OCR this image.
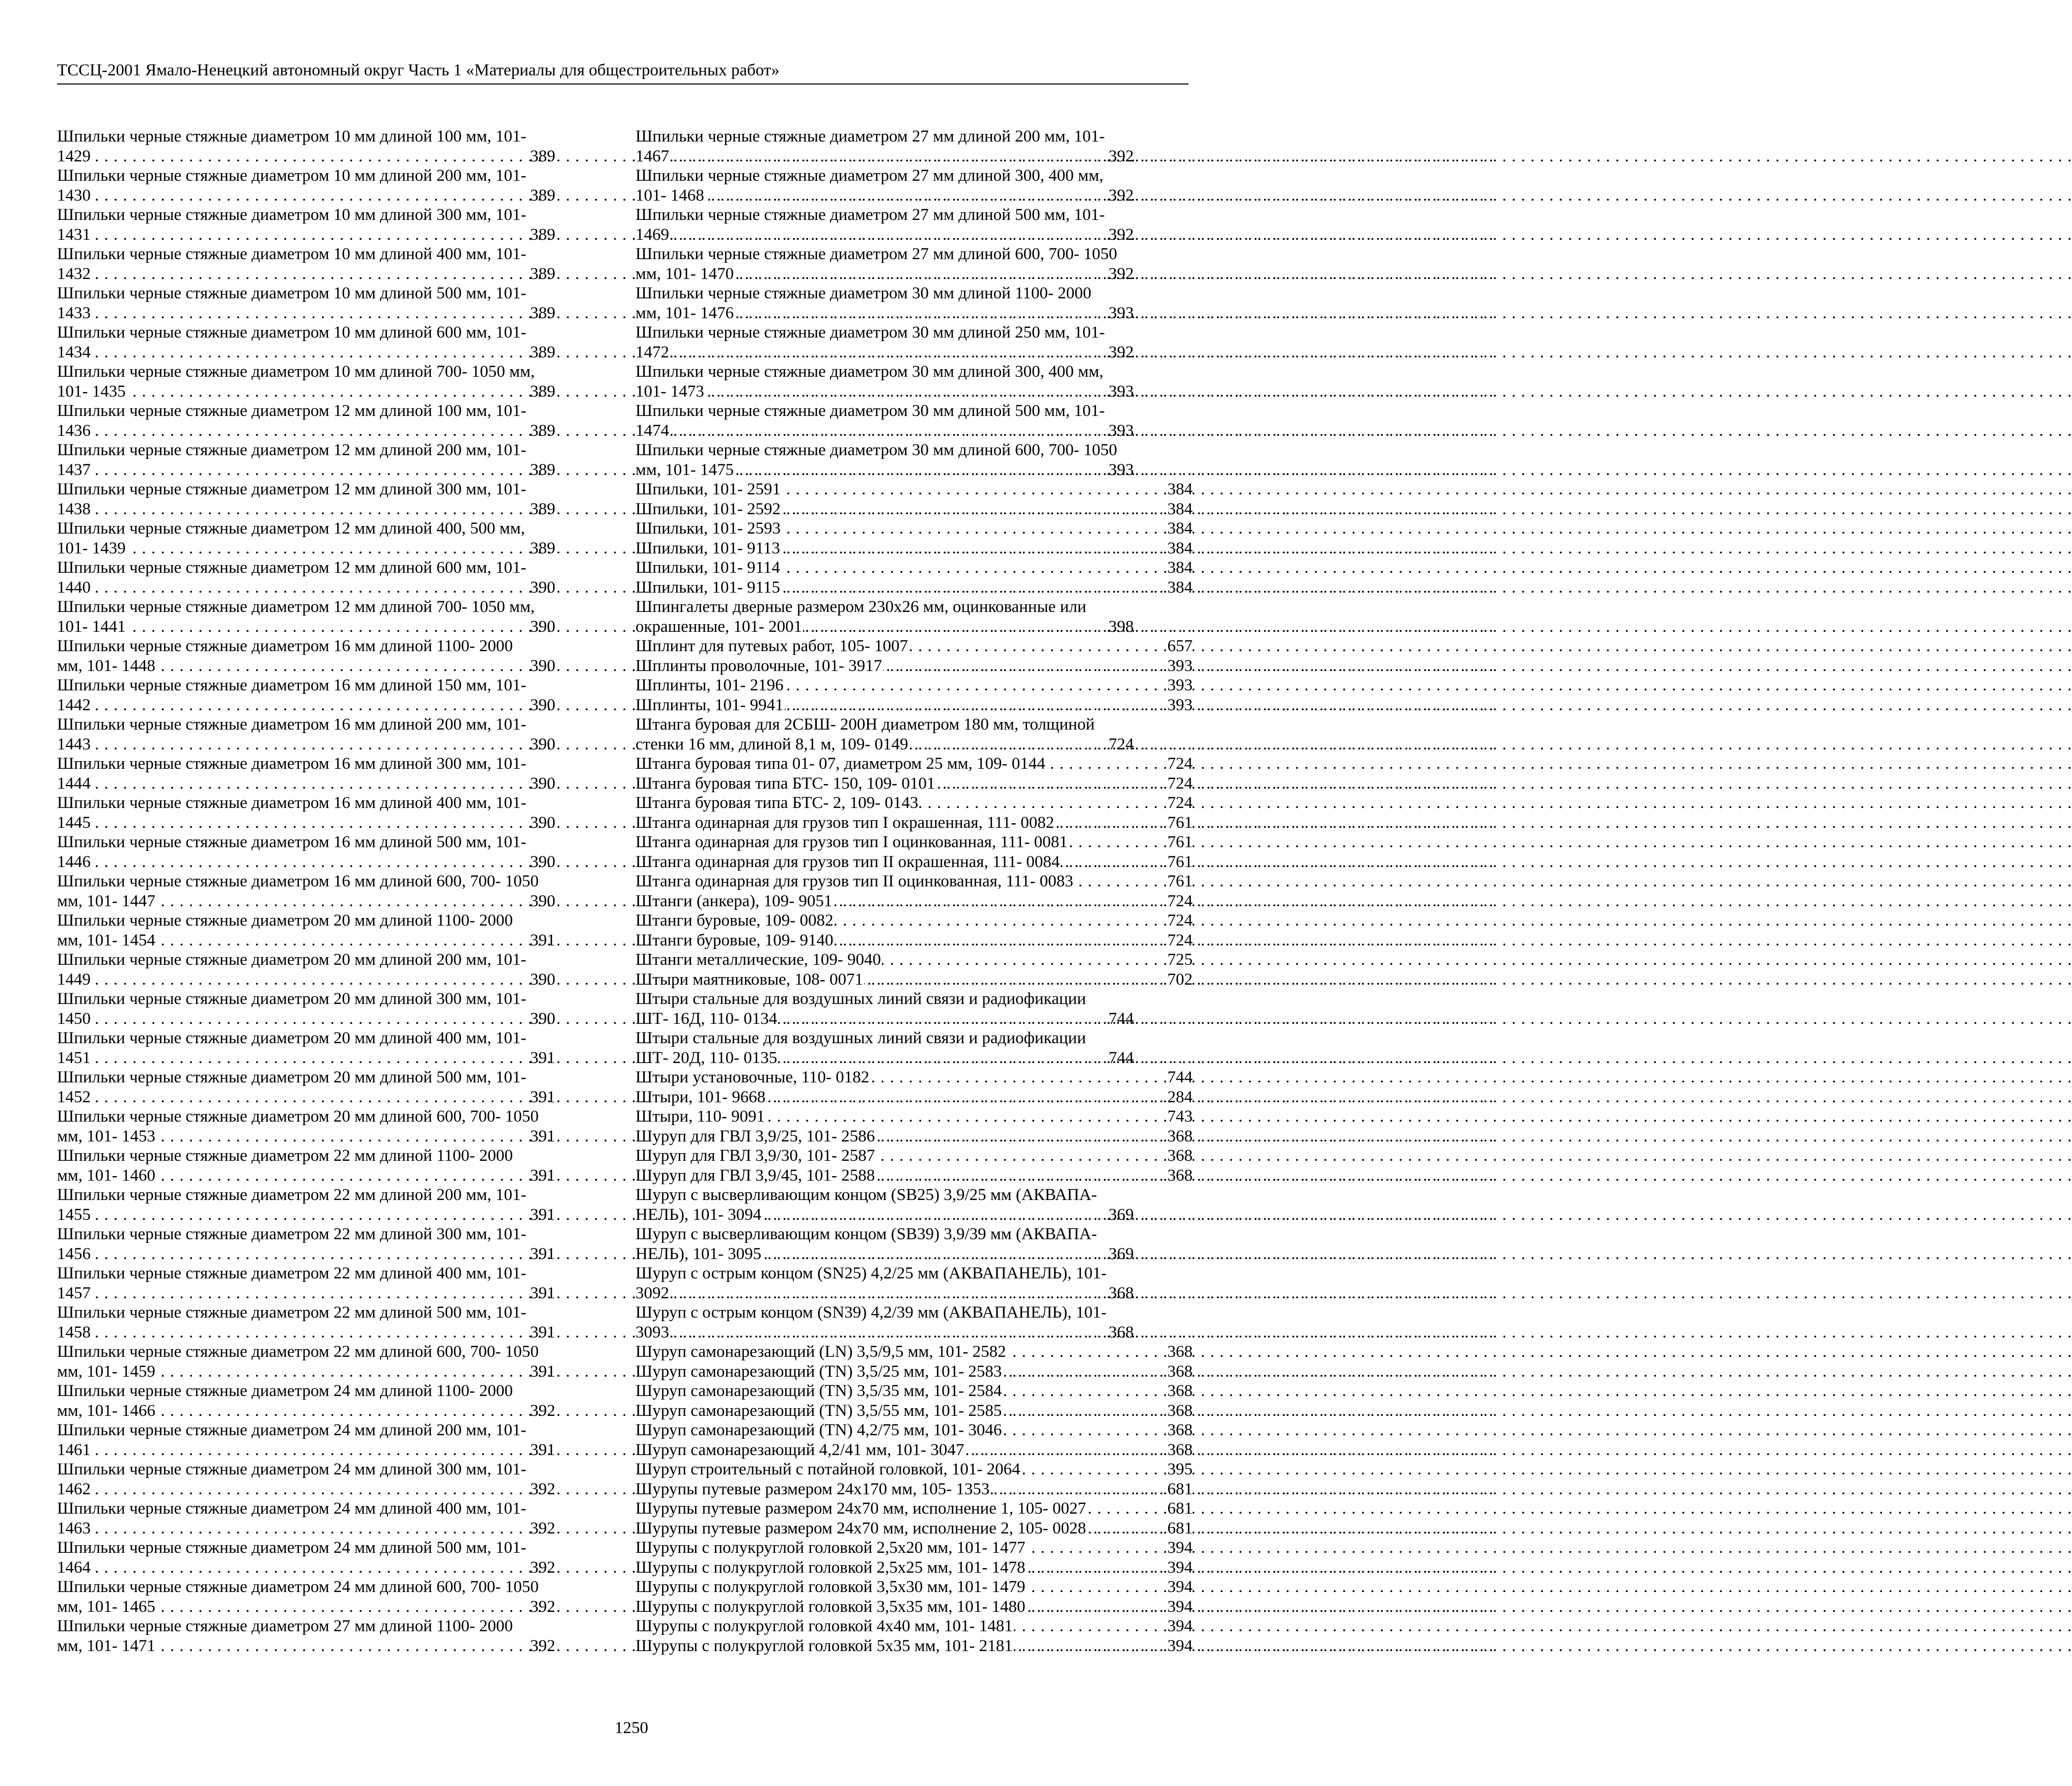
ТССЦ-2001 Ямало-Ненецкий автономный округ Часть 1 «Материалы для общестроительных работ»
Шпильки черные стяжные диаметром 10 мм длиной 100 мм, 101-
1429	389
. . .
Шпильки черные стяжные диаметром 10 мм длиной 200 мм, 101-
1430	389
. . .
Шпильки черные стяжные диаметром 10 мм длиной 300 мм, 101-
1431	389
. . .
Шпильки черные стяжные диаметром 10 мм длиной 400 мм, 101-
1432	389
. . .
Шпильки черные стяжные диаметром 10 мм длиной 500 мм, 101-
1433	389
. . .
Шпильки черные стяжные диаметром 10 мм длиной 600 мм, 101-
1434	389
. . .
Шпильки черные стяжные диаметром 10 мм длиной 700- 1050 мм,
101- 1435	389
. . .
Шпильки черные стяжные диаметром 12 мм длиной 100 мм, 101-
1436	389
. . .
Шпильки черные стяжные диаметром 12 мм длиной 200 мм, 101-
1437	389
. . .
Шпильки черные стяжные диаметром 12 мм длиной 300 мм, 101-
1438	389
. . .
Шпильки черные стяжные диаметром 12 мм длиной 400, 500 мм,
101- 1439	389
. . .
Шпильки черные стяжные диаметром 12 мм длиной 600 мм, 101-
1440	390
. . .
Шпильки черные стяжные диаметром 12 мм длиной 700- 1050 мм,
101- 1441	390
. . .
Шпильки черные стяжные диаметром 16 мм длиной 1100- 2000
мм, 101- 1448	390
. . .
Шпильки черные стяжные диаметром 16 мм длиной 150 мм, 101-
1442	390
. . .
Шпильки черные стяжные диаметром 16 мм длиной 200 мм, 101-
1443	390
. . .
Шпильки черные стяжные диаметром 16 мм длиной 300 мм, 101-
1444	390
. . .
Шпильки черные стяжные диаметром 16 мм длиной 400 мм, 101-
1445	390
. . .
Шпильки черные стяжные диаметром 16 мм длиной 500 мм, 101-
1446	390
. . .
Шпильки черные стяжные диаметром 16 мм длиной 600, 700- 1050
мм, 101- 1447	390
. . .
Шпильки черные стяжные диаметром 20 мм длиной 1100- 2000
мм, 101- 1454	391
. . .
Шпильки черные стяжные диаметром 20 мм длиной 200 мм, 101-
1449	390
. . .
Шпильки черные стяжные диаметром 20 мм длиной 300 мм, 101-
1450	390
. . .
Шпильки черные стяжные диаметром 20 мм длиной 400 мм, 101-
1451	391
. . .
Шпильки черные стяжные диаметром 20 мм длиной 500 мм, 101-
1452	391
. . .
Шпильки черные стяжные диаметром 20 мм длиной 600, 700- 1050
мм, 101- 1453	391
. . .
Шпильки черные стяжные диаметром 22 мм длиной 1100- 2000
мм, 101- 1460	391
. . .
Шпильки черные стяжные диаметром 22 мм длиной 200 мм, 101-
1455	391
. . .
Шпильки черные стяжные диаметром 22 мм длиной 300 мм, 101-
1456	391
. . .
Шпильки черные стяжные диаметром 22 мм длиной 400 мм, 101-
1457	391
. . .
Шпильки черные стяжные диаметром 22 мм длиной 500 мм, 101-
1458	391
. . .
Шпильки черные стяжные диаметром 22 мм длиной 600, 700- 1050
мм, 101- 1459	391
. . .
Шпильки черные стяжные диаметром 24 мм длиной 1100- 2000
мм, 101- 1466	392
. . .
Шпильки черные стяжные диаметром 24 мм длиной 200 мм, 101-
1461	391
. . .
Шпильки черные стяжные диаметром 24 мм длиной 300 мм, 101-
1462	392
. . .
Шпильки черные стяжные диаметром 24 мм длиной 400 мм, 101-
1463	392
. . .
Шпильки черные стяжные диаметром 24 мм длиной 500 мм, 101-
1464	392
. . .
Шпильки черные стяжные диаметром 24 мм длиной 600, 700- 1050
мм, 101- 1465	392
. . .
Шпильки черные стяжные диаметром 27 мм длиной 1100- 2000
мм, 101- 1471	392
. . .
Шпильки черные стяжные диаметром 27 мм длиной 200 мм, 101-
1467	392
. . .
Шпильки черные стяжные диаметром 27 мм длиной 300, 400 мм,
101- 1468	392
. . .
Шпильки черные стяжные диаметром 27 мм длиной 500 мм, 101-
1469	392
. . .
Шпильки черные стяжные диаметром 27 мм длиной 600, 700- 1050
мм, 101- 1470	392
. . .
Шпильки черные стяжные диаметром 30 мм длиной 1100- 2000
мм, 101- 1476	393
. . .
Шпильки черные стяжные диаметром 30 мм длиной 250 мм, 101-
1472	392
. . .
Шпильки черные стяжные диаметром 30 мм длиной 300, 400 мм,
101- 1473	393
. . .
Шпильки черные стяжные диаметром 30 мм длиной 500 мм, 101-
1474	393
. . .
Шпильки черные стяжные диаметром 30 мм длиной 600, 700- 1050
мм, 101- 1475	393
. . .
Шпильки, 101- 2591	384
. . .
Шпильки, 101- 2592	384
. . .
Шпильки, 101- 2593	384
. . .
Шпильки, 101- 9113	384
. . .
Шпильки, 101- 9114	384
. . .
Шпильки, 101- 9115	384
. . .
Шпингалеты дверные размером 230х26 мм, оцинкованные или
окрашенные, 101- 2001	398
. . .
Шплинт для путевых работ, 105- 1007	657
. . .
Шплинты проволочные, 101- 3917	393
. . .
Шплинты, 101- 2196	393
. . .
Шплинты, 101- 9941	393
. . .
Штанга буровая для 2СБШ- 200Н диаметром 180 мм, толщиной
стенки 16 мм, длиной 8,1 м, 109- 0149	724
. . .
Штанга буровая типа 01- 07, диаметром 25 мм, 109- 0144	724
. . .
Штанга буровая типа БТС- 150, 109- 0101	724
. . .
Штанга буровая типа БТС- 2, 109- 0143	724
. . .
Штанга одинарная для грузов тип I окрашенная, 111- 0082	761
. . .
Штанга одинарная для грузов тип I оцинкованная, 111- 0081	761
. . .
Штанга одинарная для грузов тип II окрашенная, 111- 0084	761
. . .
Штанга одинарная для грузов тип II оцинкованная, 111- 0083	761
. . .
Штанги (анкера), 109- 9051	724
. . .
Штанги буровые, 109- 0082	724
. . .
Штанги буровые, 109- 9140	724
. . .
Штанги металлические, 109- 9040	725
. . .
Штыри маятниковые, 108- 0071	702
. . .
Штыри стальные для воздушных линий связи и радиофикации
ШТ- 16Д, 110- 0134	744
. . .
Штыри стальные для воздушных линий связи и радиофикации
ШТ- 20Д, 110- 0135	744
. . .
Штыри установочные, 110- 0182	744
. . .
Штыри, 101- 9668	284
. . .
Штыри, 110- 9091	743
. . .
Шуруп для ГВЛ 3,9/25, 101- 2586	368
. . .
Шуруп для ГВЛ 3,9/30, 101- 2587	368
. . .
Шуруп для ГВЛ 3,9/45, 101- 2588	368
. . .
Шуруп с высверливающим концом (SB25) 3,9/25 мм (АКВАПА-
НЕЛЬ), 101- 3094	369
. . .
Шуруп с высверливающим концом (SB39) 3,9/39 мм (АКВАПА-
НЕЛЬ), 101- 3095	369
. . .
Шуруп с острым концом (SN25) 4,2/25 мм (АКВАПАНЕЛЬ), 101-
3092	368
. . .
Шуруп с острым концом (SN39) 4,2/39 мм (АКВАПАНЕЛЬ), 101-
3093	368
. . .
Шуруп самонарезающий (LN) 3,5/9,5 мм, 101- 2582	368
. . .
Шуруп самонарезающий (TN) 3,5/25 мм, 101- 2583	368
. . .
Шуруп самонарезающий (TN) 3,5/35 мм, 101- 2584	368
. . .
Шуруп самонарезающий (TN) 3,5/55 мм, 101- 2585	368
. . .
Шуруп самонарезающий (TN) 4,2/75 мм, 101- 3046	368
. . .
Шуруп самонарезающий 4,2/41 мм, 101- 3047	368
. . .
Шуруп строительный с потайной головкой, 101- 2064	395
. . .
Шурупы путевые размером 24х170 мм, 105- 1353	681
. . .
Шурупы путевые размером 24х70 мм, исполнение 1, 105- 0027	681
. . .
Шурупы путевые размером 24х70 мм, исполнение 2, 105- 0028	681
. . .
Шурупы с полукруглой головкой 2,5х20 мм, 101- 1477	394
. . .
Шурупы с полукруглой головкой 2,5х25 мм, 101- 1478	394
. . .
Шурупы с полукруглой головкой 3,5х30 мм, 101- 1479	394
. . .
Шурупы с полукруглой головкой 3,5х35 мм, 101- 1480	394
. . .
Шурупы с полукруглой головкой 4х40 мм, 101- 1481	394
. . .
Шурупы с полукруглой головкой 5х35 мм, 101- 2181	394
. . .
1250
